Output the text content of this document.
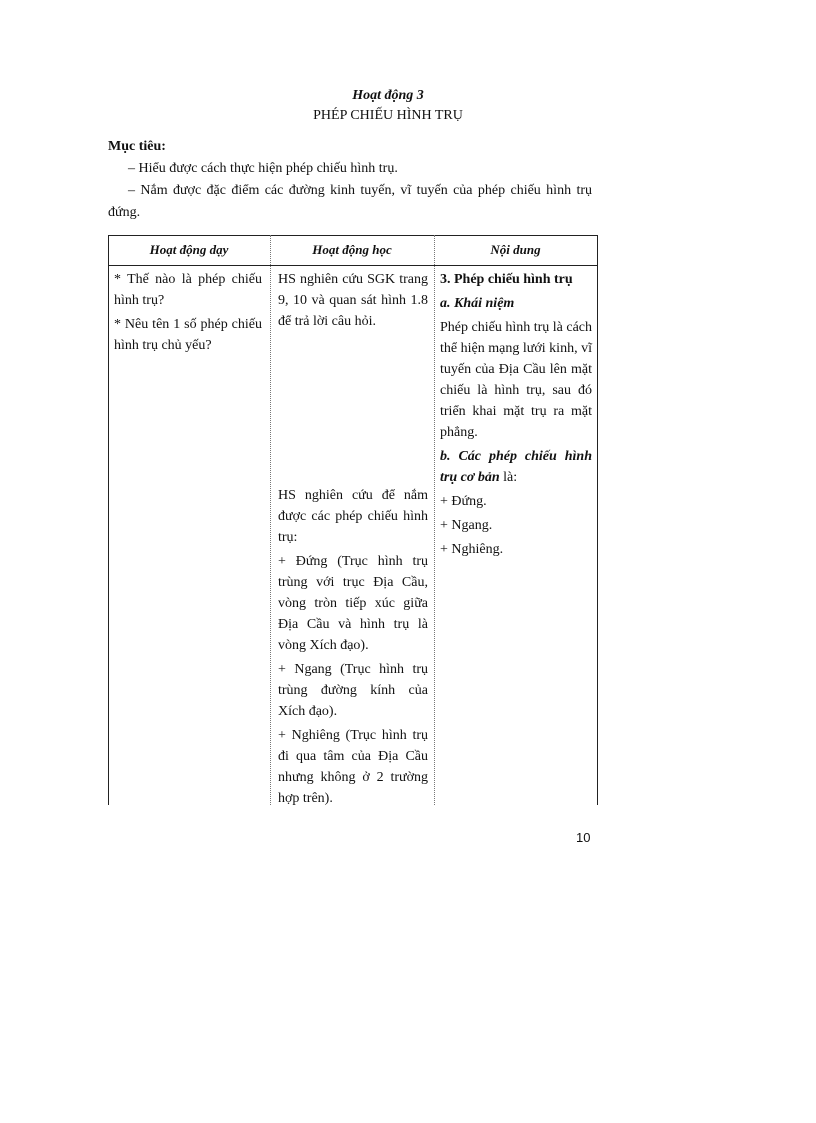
Hoạt động 3
PHÉP CHIẾU HÌNH TRỤ

Mục tiêu:

– Hiểu được cách thực hiện phép chiếu hình trụ.

– Nắm được đặc điểm các đường kinh tuyến, vĩ tuyến của phép chiếu hình trụ đứng.

Hoạt động dạy	Hoạt động học	Nội dung

* Thế nào là phép chiếu hình trụ?

* Nêu tên 1 số phép chiếu hình trụ chủ yếu?

HS nghiên cứu SGK trang 9, 10 và quan sát hình 1.8 để trả lời câu hỏi.

HS nghiên cứu để nắm được các phép chiếu hình trụ:

+ Đứng (Trục hình trụ trùng với trục Địa Cầu, vòng tròn tiếp xúc giữa Địa Cầu và hình trụ là vòng Xích đạo).

+ Ngang (Trục hình trụ trùng đường kính của Xích đạo).

+ Nghiêng (Trục hình trụ đi qua tâm của Địa Cầu nhưng không ở 2 trường hợp trên).

3. Phép chiếu hình trụ

a. Khái niệm

Phép chiếu hình trụ là cách thể hiện mạng lưới kinh, vĩ tuyến của Địa Cầu lên mặt chiếu là hình trụ, sau đó triển khai mặt trụ ra mặt phẳng.

b. Các phép chiếu hình trụ cơ bản là:

+ Đứng.

+ Ngang.

+ Nghiêng.

10
